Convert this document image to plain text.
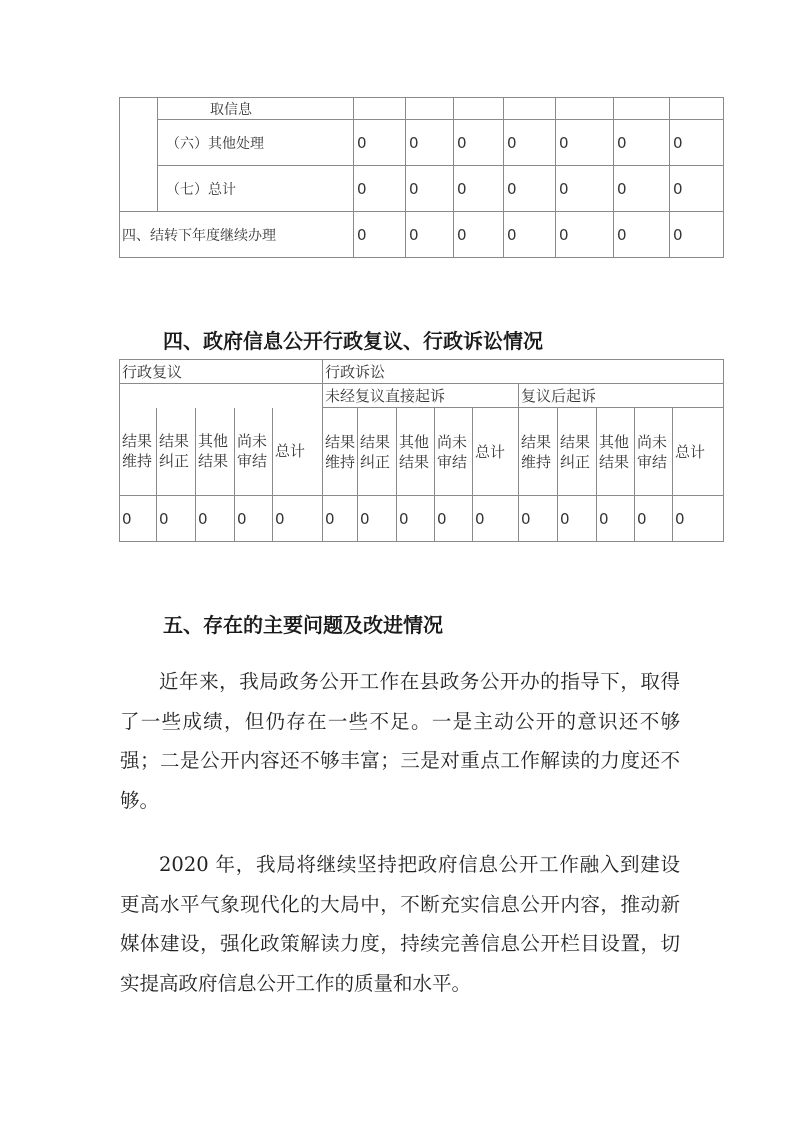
	取信息							
	（六）其他处理	0	0	0	0	0	0	0
	（七）总计	0	0	0	0	0	0	0
四、结转下年度继续办理		0	0	0	0	0	0	0
四、政府信息公开行政复议、行政诉讼情况
行政复议					行政诉讼									
					未经复议直接起诉					复议后起诉				
结果维持	结果纠正	其他结果	尚未审结	总计	结果维持	结果纠正	其他结果	尚未审结	总计	结果维持	结果纠正	其他结果	尚未审结	总计
0	0	0	0	0	0	0	0	0	0	0	0	0	0	0
五、存在的主要问题及改进情况

近年来，我局政务公开工作在县政务公开办的指导下，取得了一些成绩，但仍存在一些不足。一是主动公开的意识还不够强；二是公开内容还不够丰富；三是对重点工作解读的力度还不够。

2020 年，我局将继续坚持把政府信息公开工作融入到建设更高水平气象现代化的大局中，不断充实信息公开内容，推动新媒体建设，强化政策解读力度，持续完善信息公开栏目设置，切实提高政府信息公开工作的质量和水平。
